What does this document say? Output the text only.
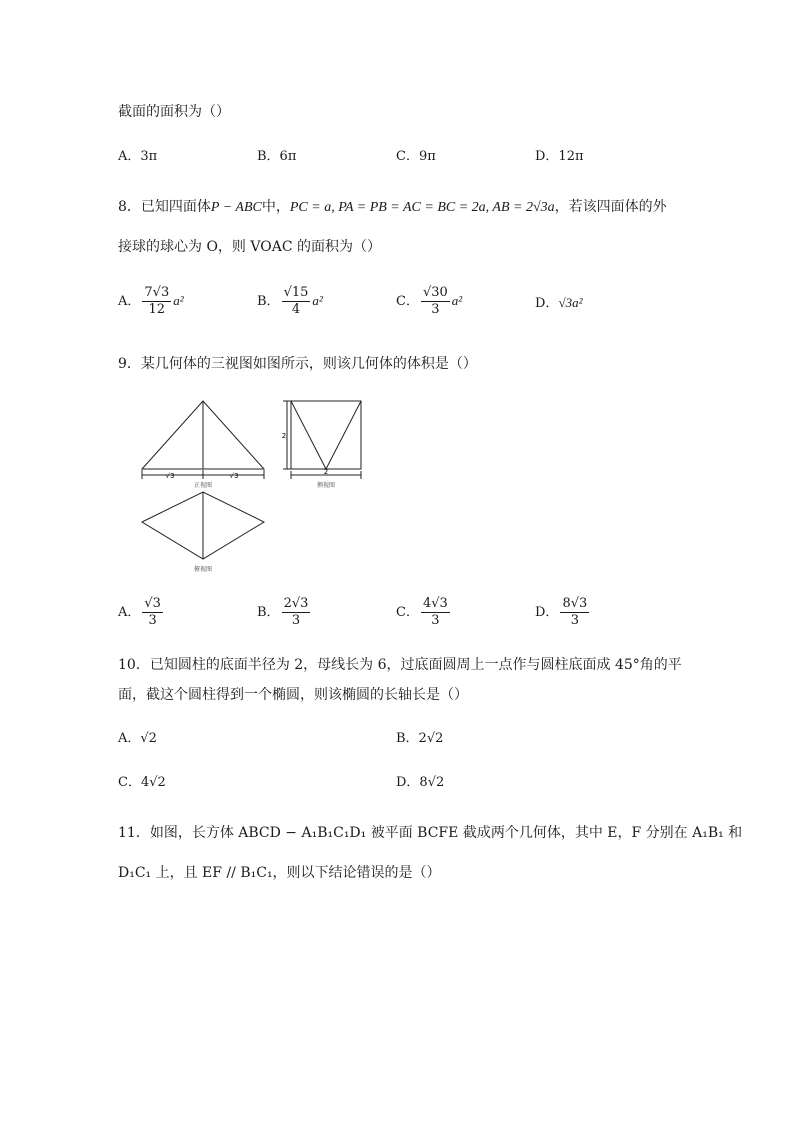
截面的面积为（）
A．3π	B．6π	C．9π	D．12π
8．已知四面体P − ABC中，PC = a, PA = PB = AC = BC = 2a, AB = 2√3a，若该四面体的外
接球的球心为 O，则 VOAC 的面积为（）
A． $\frac{7√3}{12} a^2$	B． $\frac{√15}{4} a^2$	C． $\frac{√30}{3} a^2$	D．√3a²
9．某几何体的三视图如图所示，则该几何体的体积是（）
√3	√3
正视图
2
2
侧视图
俯视图
A． $\frac{√3}{3}$	B． $\frac{2√3}{3}$	C． $\frac{4√3}{3}$	D． $\frac{8√3}{3}$
10．已知圆柱的底面半径为 2，母线长为 6，过底面圆周上一点作与圆柱底面成 45°角的平
面，截这个圆柱得到一个椭圆，则该椭圆的长轴长是（）
A．√2	B．2√2
C．4√2	D．8√2
11．如图，长方体 ABCD − A₁B₁C₁D₁ 被平面 BCFE 截成两个几何体，其中 E，F 分别在 A₁B₁ 和
D₁C₁ 上，且 EF // B₁C₁，则以下结论错误的是（）
